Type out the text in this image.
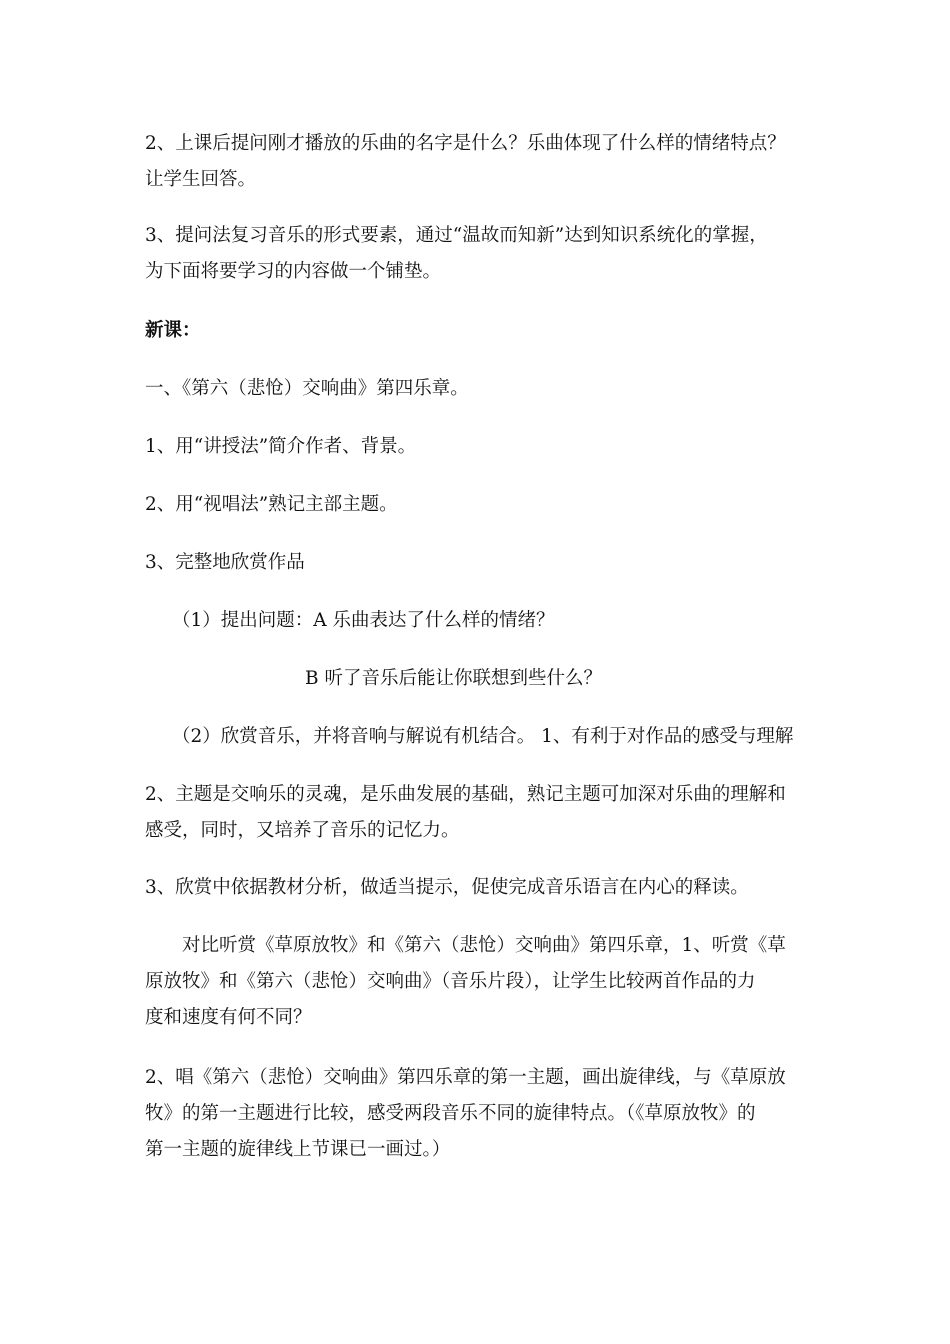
2、上课后提问刚才播放的乐曲的名字是什么？乐曲体现了什么样的情绪特点？
让学生回答。

3、提问法复习音乐的形式要素，通过“温故而知新”达到知识系统化的掌握，
为下面将要学习的内容做一个铺垫。

新课：

一、《第六（悲怆）交响曲》第四乐章。

1、用“讲授法”简介作者、背景。

2、用“视唱法”熟记主部主题。

3、完整地欣赏作品

（1）提出问题：A 乐曲表达了什么样的情绪？

B 听了音乐后能让你联想到些什么？

（2）欣赏音乐，并将音响与解说有机结合。 1、有利于对作品的感受与理解

2、主题是交响乐的灵魂，是乐曲发展的基础，熟记主题可加深对乐曲的理解和
感受，同时，又培养了音乐的记忆力。

3、欣赏中依据教材分析，做适当提示，促使完成音乐语言在内心的释读。

对比听赏《草原放牧》和《第六（悲怆）交响曲》第四乐章，1、听赏《草
原放牧》和《第六（悲怆）交响曲》（音乐片段），让学生比较两首作品的力
度和速度有何不同？

2、唱《第六（悲怆）交响曲》第四乐章的第一主题，画出旋律线，与《草原放
牧》的第一主题进行比较，感受两段音乐不同的旋律特点。（《草原放牧》的
第一主题的旋律线上节课已一画过。）
